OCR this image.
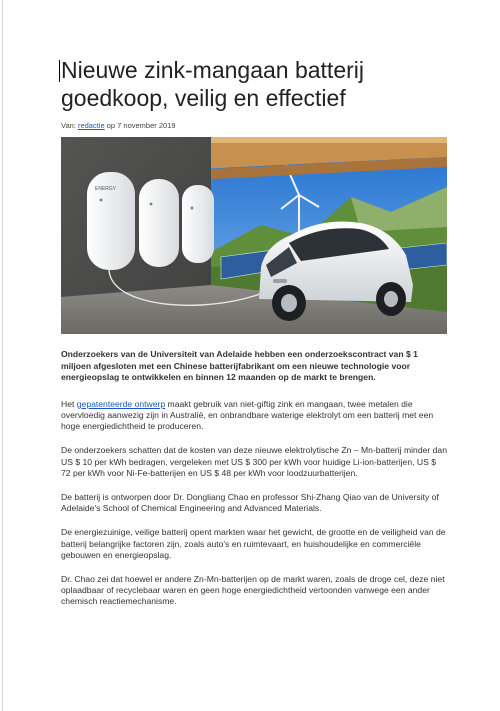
Nieuwe zink-mangaan batterij goedkoop, veilig en effectief
Van: redactie op 7 november 2019
ENERGY
Onderzoekers van de Universiteit van Adelaide hebben een onderzoekscontract van $ 1 miljoen afgesloten met een Chinese batterijfabrikant om een nieuwe technologie voor energieopslag te ontwikkelen en binnen 12 maanden op de markt te brengen.

Het gepatenteerde ontwerp maakt gebruik van niet-giftig zink en mangaan, twee metalen die overvloedig aanwezig zijn in Australië, en onbrandbare waterige elektrolyt om een batterij met een hoge energiedichtheid te produceren.

De onderzoekers schatten dat de kosten van deze nieuwe elektrolytische Zn – Mn-batterij minder dan US $ 10 per kWh bedragen, vergeleken met US $ 300 per kWh voor huidige Li-ion-batterijen, US $ 72 per kWh voor Ni-Fe-batterijen en US $ 48 per kWh voor loodzuurbatterijen.

De batterij is ontworpen door Dr. Dongliang Chao en professor Shi-Zhang Qiao van de University of Adelaide's School of Chemical Engineering and Advanced Materials.

De energiezuinige, veilige batterij opent markten waar het gewicht, de grootte en de veiligheid van de batterij belangrijke factoren zijn, zoals auto's en ruimtevaart, en huishoudelijke en commerciële gebouwen en energieopslag.

Dr. Chao zei dat hoewel er andere Zn-Mn-batterijen op de markt waren, zoals de droge cel, deze niet oplaadbaar of recyclebaar waren en geen hoge energiedichtheid vertoonden vanwege een ander chemisch reactiemechanisme.
